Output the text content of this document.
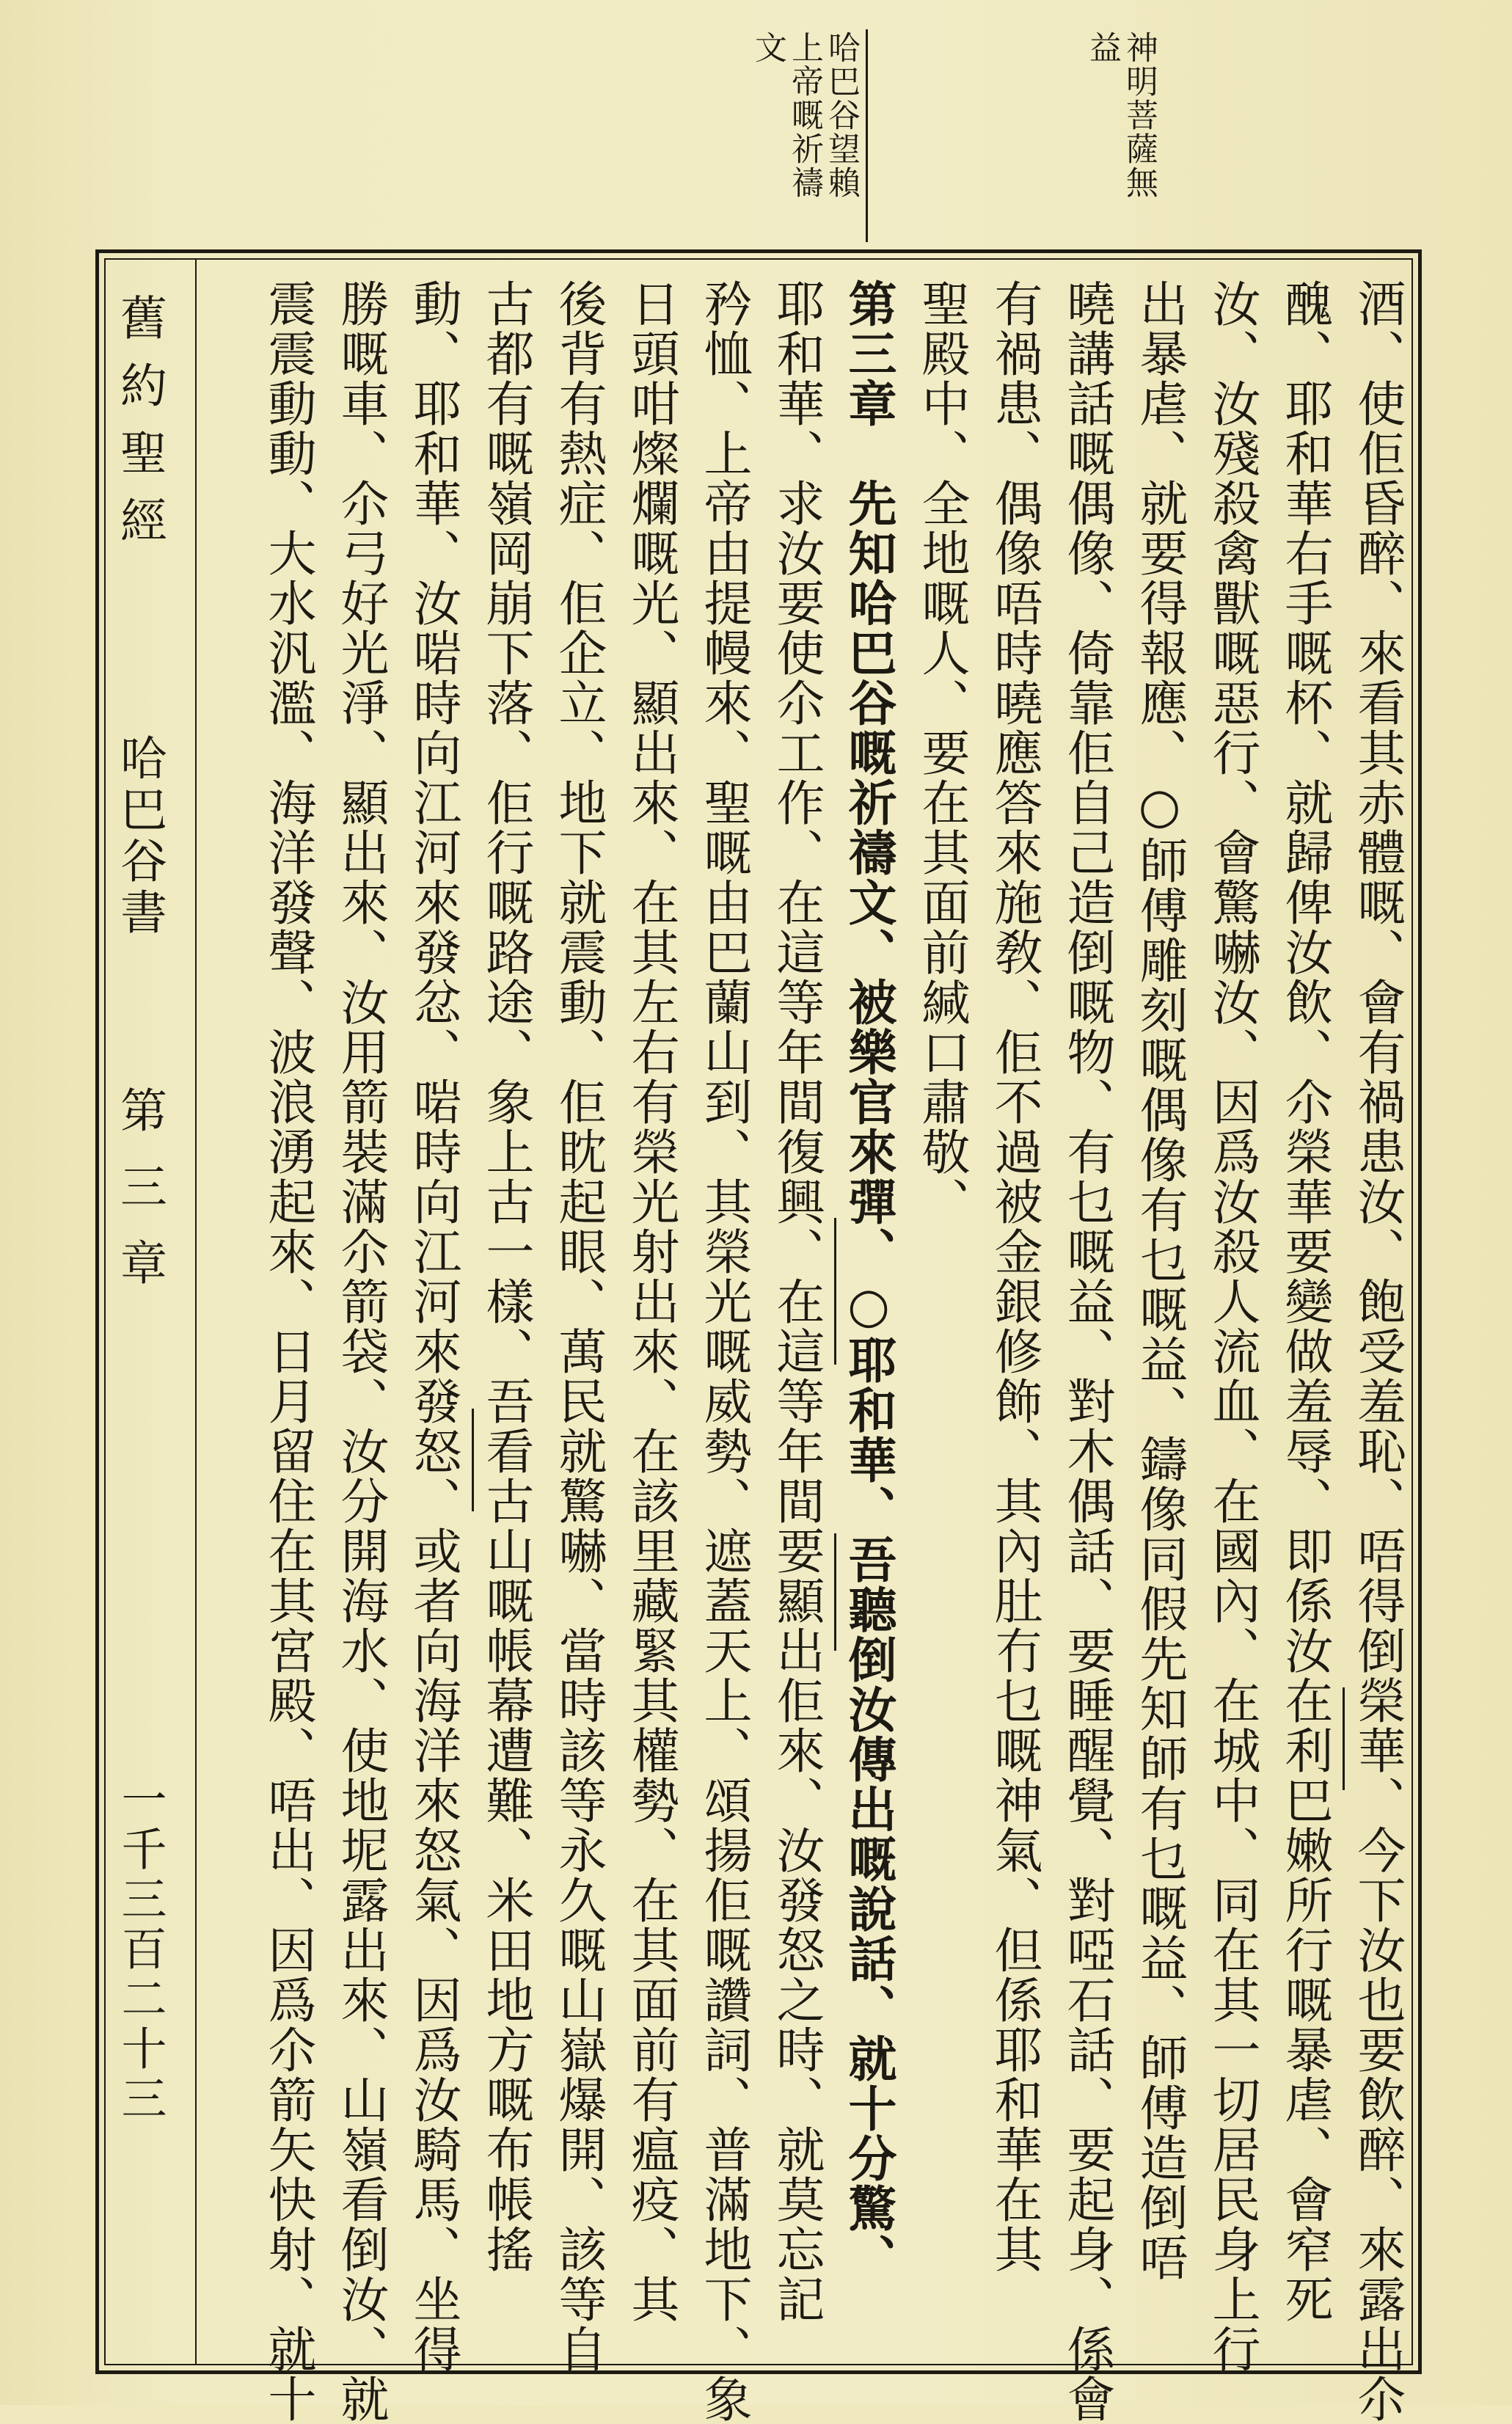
神明菩薩無
益
哈巴谷望賴
上帝嘅祈禱
文
舊約聖經
哈巴谷書
第三章
一千三百二十三	酒、使佢昏醉、來看其赤體嘅、會有禍患汝、飽受羞恥、唔得倒榮華、今下汝也要飲醉、來露出尒
醜、耶和華右手嘅杯、就歸俾汝飲、尒榮華要變做羞辱、即係汝在利巴嫩所行嘅暴虐、會窄死
汝、汝殘殺禽獸嘅惡行、會驚嚇汝、因爲汝殺人流血、在國內、在城中、同在其一切居民身上行
出暴虐、就要得報應、○師傅雕刻嘅偶像有乜嘅益、鑄像同假先知師有乜嘅益、師傅造倒唔
曉講話嘅偶像、倚靠佢自己造倒嘅物、有乜嘅益、對木偶話、要睡醒覺、對啞石話、要起身、係會
有禍患、偶像唔時曉應答來施敎、佢不過被金銀修飾、其內肚冇乜嘅神氣、但係耶和華在其
聖殿中、全地嘅人、要在其面前緘口肅敬、
第三章　先知哈巴谷嘅祈禱文、被樂官來彈、○耶和華、吾聽倒汝傳出嘅說話、就十分驚、
耶和華、求汝要使尒工作、在這等年間復興、在這等年間要顯出佢來、汝發怒之時、就莫忘記
矜恤、上帝由提幔來、聖嘅由巴蘭山到、其榮光嘅威勢、遮蓋天上、頌揚佢嘅讚詞、普滿地下、象
日頭咁燦爛嘅光、顯出來、在其左右有榮光射出來、在該里藏緊其權勢、在其面前有瘟疫、其
後背有熱症、佢企立、地下就震動、佢眈起眼、萬民就驚嚇、當時該等永久嘅山嶽爆開、該等自
古都有嘅嶺岡崩下落、佢行嘅路途、象上古一樣、吾看古山嘅帳幕遭難、米田地方嘅布帳搖
動、耶和華、汝啱時向江河來發忿、啱時向江河來發怒、或者向海洋來怒氣、因爲汝騎馬、坐得
勝嘅車、尒弓好光淨、顯出來、汝用箭裝滿尒箭袋、汝分開海水、使地坭露出來、山嶺看倒汝、就
震震動動、大水汎濫、海洋發聲、波浪湧起來、日月留住在其宮殿、唔出、因爲尒箭矢快射、就十
